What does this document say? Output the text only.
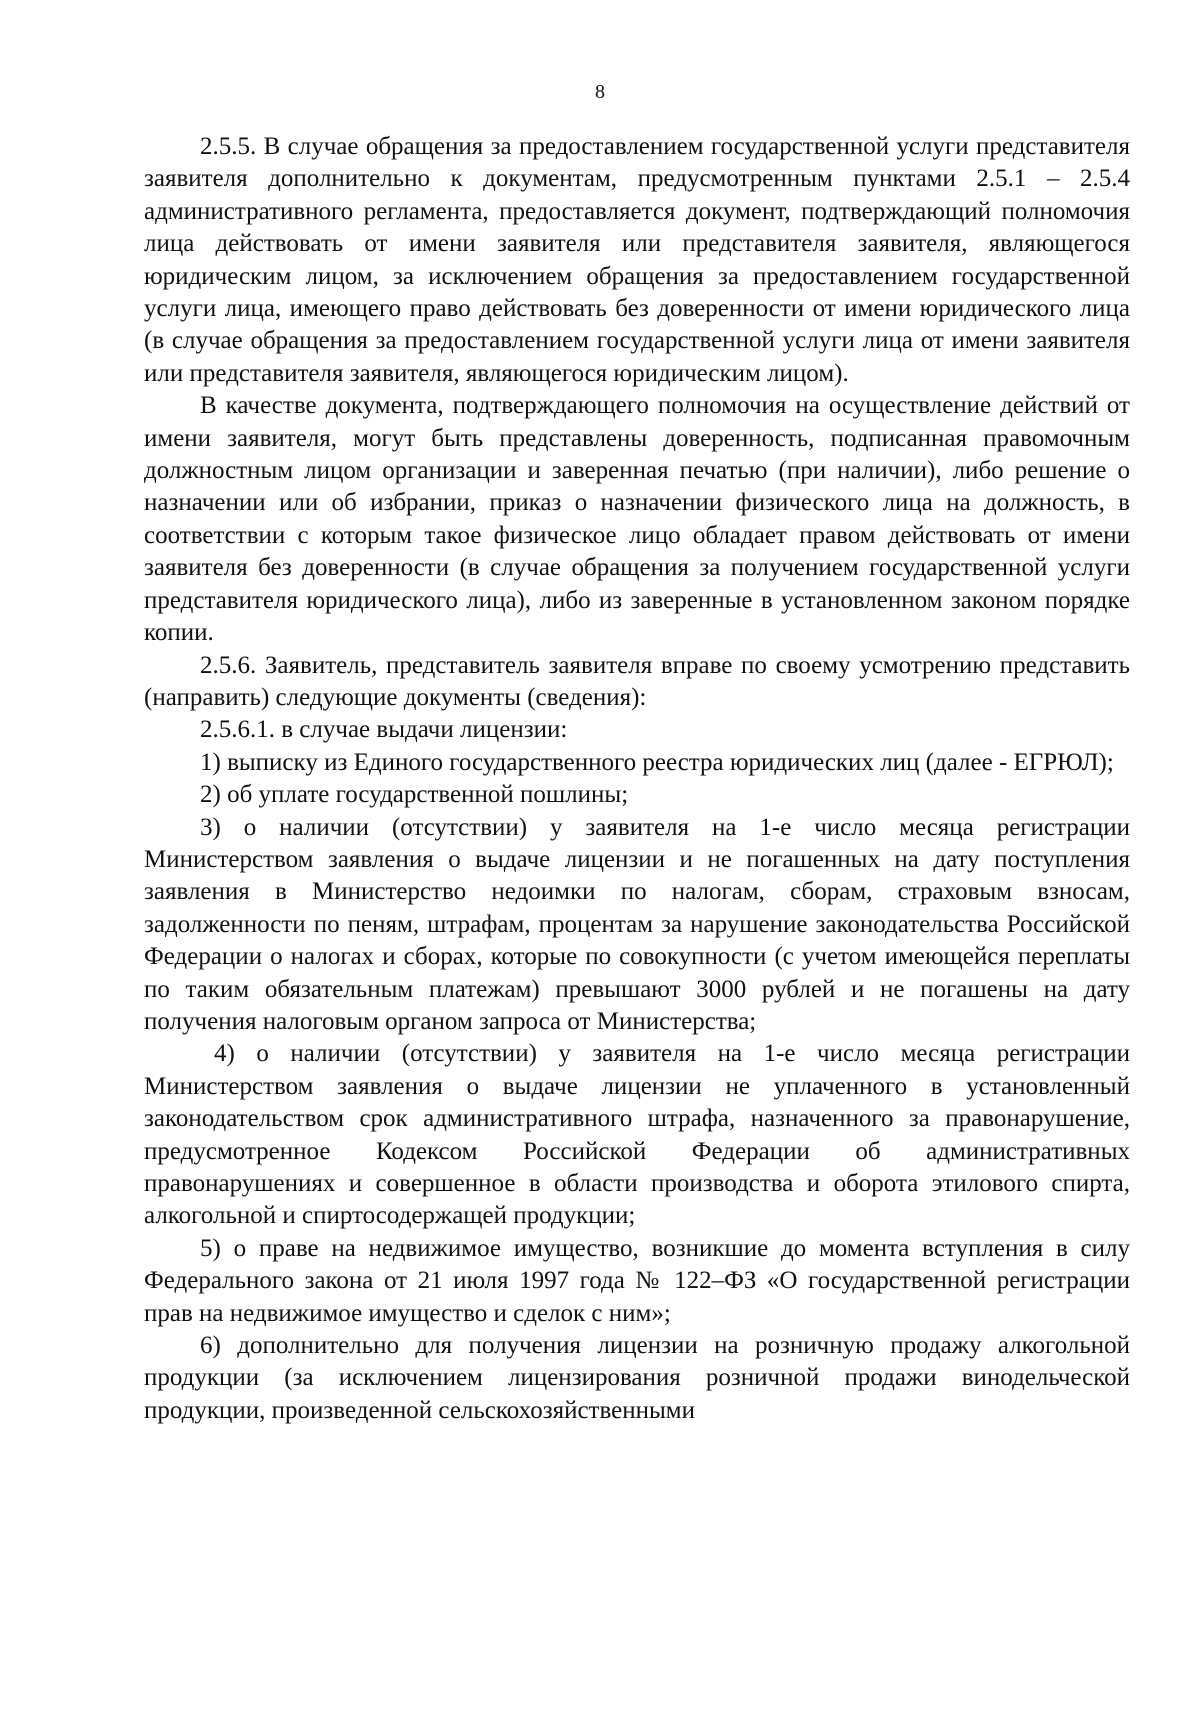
8

2.5.5. В случае обращения за предоставлением государственной услуги представителя заявителя дополнительно к документам, предусмотренным пунктами 2.5.1 – 2.5.4 административного регламента, предоставляется документ, подтверждающий полномочия лица действовать от имени заявителя или представителя заявителя, являющегося юридическим лицом, за исключением обращения за предоставлением государственной услуги лица, имеющего право действовать без доверенности от имени юридического лица (в случае обращения за предоставлением государственной услуги лица от имени заявителя или представителя заявителя, являющегося юридическим лицом).

В качестве документа, подтверждающего полномочия на осуществление действий от имени заявителя, могут быть представлены доверенность, подписанная правомочным должностным лицом организации и заверенная печатью (при наличии), либо решение о назначении или об избрании, приказ о назначении физического лица на должность, в соответствии с которым такое физическое лицо обладает правом действовать от имени заявителя без доверенности (в случае обращения за получением государственной услуги представителя юридического лица), либо из заверенные в установленном законом порядке копии.

2.5.6. Заявитель, представитель заявителя вправе по своему усмотрению представить (направить) следующие документы (сведения):

2.5.6.1. в случае выдачи лицензии:

1) выписку из Единого государственного реестра юридических лиц (далее - ЕГРЮЛ);

2) об уплате государственной пошлины;

3) о наличии (отсутствии) у заявителя на 1-е число месяца регистрации Министерством заявления о выдаче лицензии и не погашенных на дату поступления заявления в Министерство недоимки по налогам, сборам, страховым взносам, задолженности по пеням, штрафам, процентам за нарушение законодательства Российской Федерации о налогах и сборах, которые по совокупности (с учетом имеющейся переплаты по таким обязательным платежам) превышают 3000 рублей и не погашены на дату получения налоговым органом запроса от Министерства;

4) о наличии (отсутствии) у заявителя на 1-е число месяца регистрации Министерством заявления о выдаче лицензии не уплаченного в установленный законодательством срок административного штрафа, назначенного за правонарушение, предусмотренное Кодексом Российской Федерации об административных правонарушениях и совершенное в области производства и оборота этилового спирта, алкогольной и спиртосодержащей продукции;

5) о праве на недвижимое имущество, возникшие до момента вступления в силу Федерального закона от 21 июля 1997 года № 122–ФЗ «О государственной регистрации прав на недвижимое имущество и сделок с ним»;

6) дополнительно для получения лицензии на розничную продажу алкогольной продукции (за исключением лицензирования розничной продажи винодельческой продукции, произведенной сельскохозяйственными
